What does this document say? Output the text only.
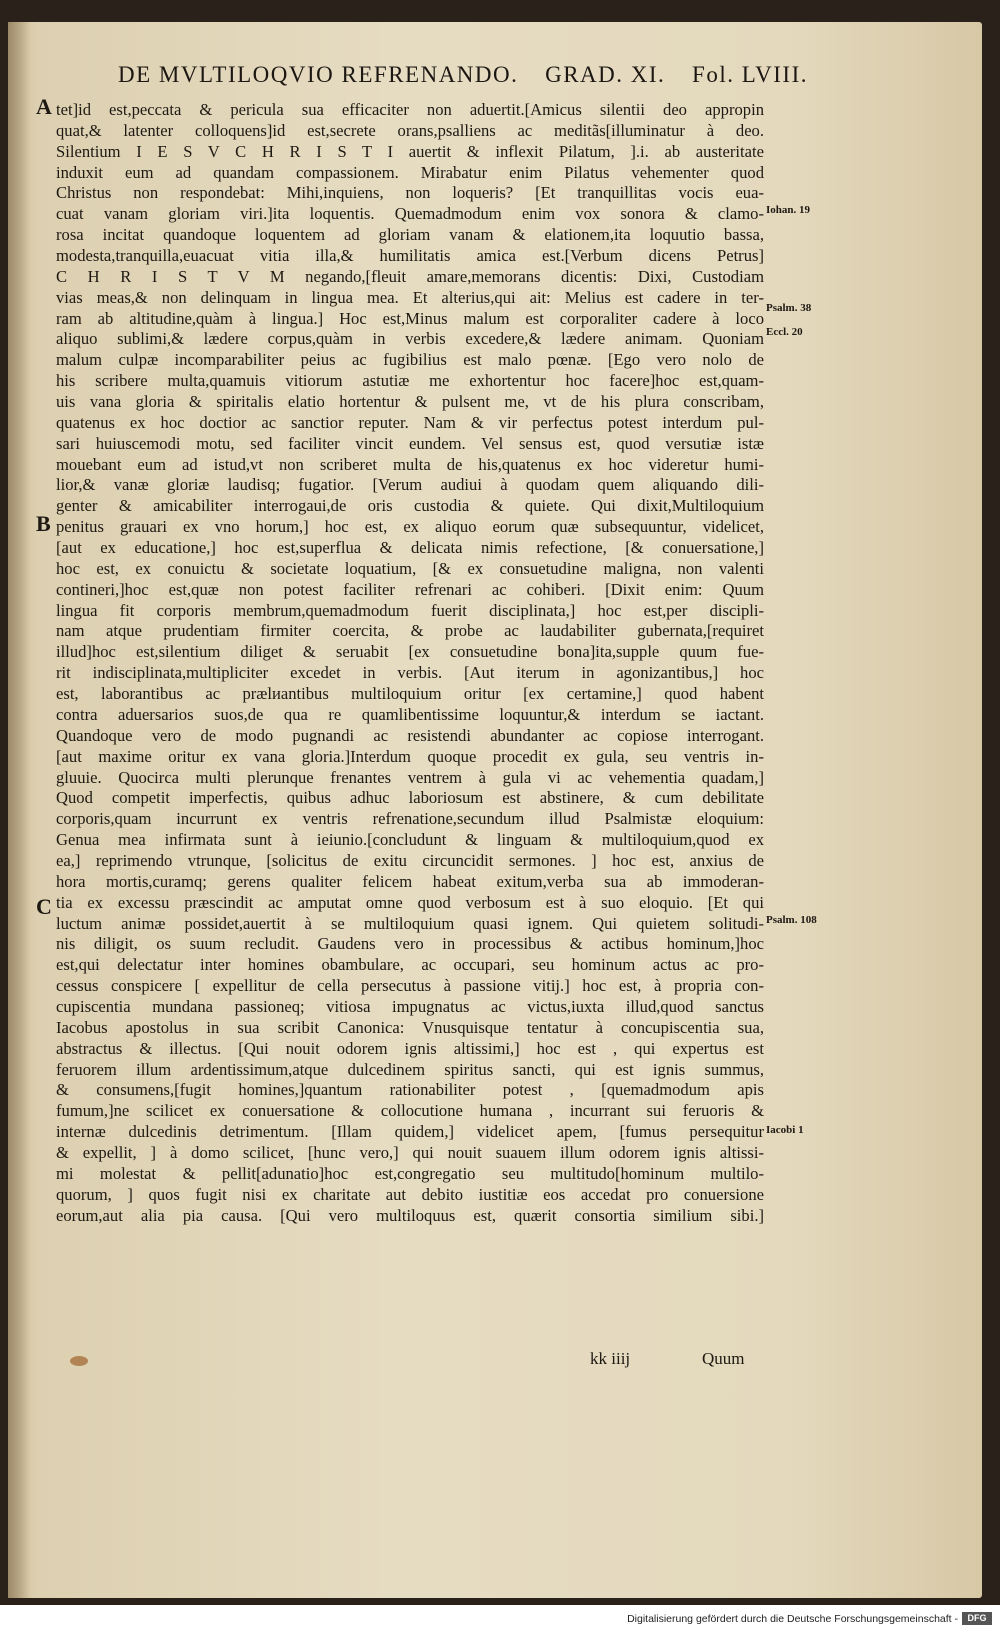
DE MVLTILOQVIO REFRENANDO. GRAD. XI. Fol. LVIII.
A
B
C
Iohan. 19
Psalm. 38
Eccl. 20
Psalm. 108
Iacobi 1
tet]id est,peccata & pericula sua efficaciter non aduertit.[Amicus silentii deo appropin
quat,& latenter colloquens]id est,secrete orans,psalliens ac meditãs[illuminatur à deo.
Silentium I E S V C H R I S T I auertit & inflexit Pilatum, ].i. ab austeritate
induxit eum ad quandam compassionem. Mirabatur enim Pilatus vehementer quod
Christus non respondebat: Mihi,inquiens, non loqueris? [Et tranquillitas vocis eua-
cuat vanam gloriam viri.]ita loquentis. Quemadmodum enim vox sonora & clamo-
rosa incitat quandoque loquentem ad gloriam vanam & elationem,ita loquutio bassa,
modesta,tranquilla,euacuat vitia illa,& humilitatis amica est.[Verbum dicens Petrus]
C H R I S T V M negando,[fleuit amare,memorans dicentis: Dixi, Custodiam
vias meas,& non delinquam in lingua mea. Et alterius,qui ait: Melius est cadere in ter-
ram ab altitudine,quàm à lingua.] Hoc est,Minus malum est corporaliter cadere à loco
aliquo sublimi,& lædere corpus,quàm in verbis excedere,& lædere animam. Quoniam
malum culpæ incomparabiliter peius ac fugibilius est malo pœnæ. [Ego vero nolo de
his scribere multa,quamuis vitiorum astutiæ me exhortentur hoc facere]hoc est,quam-
uis vana gloria & spiritalis elatio hortentur & pulsent me, vt de his plura conscribam,
quatenus ex hoc doctior ac sanctior reputer. Nam & vir perfectus potest interdum pul-
sari huiuscemodi motu, sed faciliter vincit eundem. Vel sensus est, quod versutiæ istæ
mouebant eum ad istud,vt non scriberet multa de his,quatenus ex hoc videretur humi-
lior,& vanæ gloriæ laudisq; fugatior. [Verum audiui à quodam quem aliquando dili-
genter & amicabiliter interrogaui,de oris custodia & quiete. Qui dixit,Multiloquium
penitus grauari ex vno horum,] hoc est, ex aliquo eorum quæ subsequuntur, videlicet,
[aut ex educatione,] hoc est,superflua & delicata nimis refectione, [& conuersatione,]
hoc est, ex conuictu & societate loquatium, [& ex consuetudine maligna, non valenti
contineri,]hoc est,quæ non potest faciliter refrenari ac cohiberi. [Dixit enim: Quum
lingua fit corporis membrum,quemadmodum fuerit disciplinata,] hoc est,per discipli-
nam atque prudentiam firmiter coercita, & probe ac laudabiliter gubernata,[requiret
illud]hoc est,silentium diliget & seruabit [ex consuetudine bona]ita,supple quum fue-
rit indisciplinata,multipliciter excedet in verbis. [Aut iterum in agonizantibus,] hoc
est, laborantibus ac prælиantibus multiloquium oritur [ex certamine,] quod habent
contra aduersarios suos,de qua re quamlibentissime loquuntur,& interdum se iactant.
Quandoque vero de modo pugnandi ac resistendi abundanter ac copiose interrogant.
[aut maxime oritur ex vana gloria.]Interdum quoque procedit ex gula, seu ventris in-
gluuie. Quocirca multi plerunque frenantes ventrem à gula vi ac vehementia quadam,]
Quod competit imperfectis, quibus adhuc laboriosum est abstinere, & cum debilitate
corporis,quam incurrunt ex ventris refrenatione,secundum illud Psalmistæ eloquium:
Genua mea infirmata sunt à ieiunio.[concludunt & linguam & multiloquium,quod ex
ea,] reprimendo vtrunque, [solicitus de exitu circuncidit sermones. ] hoc est, anxius de
hora mortis,curamq; gerens qualiter felicem habeat exitum,verba sua ab immoderan-
tia ex excessu præscindit ac amputat omne quod verbosum est à suo eloquio. [Et qui
luctum animæ possidet,auertit à se multiloquium quasi ignem. Qui quietem solitudi-
nis diligit, os suum recludit. Gaudens vero in processibus & actibus hominum,]hoc
est,qui delectatur inter homines obambulare, ac occupari, seu hominum actus ac pro-
cessus conspicere [ expellitur de cella persecutus à passione vitij.] hoc est, à propria con-
cupiscentia mundana passioneq; vitiosa impugnatus ac victus,iuxta illud,quod sanctus
Iacobus apostolus in sua scribit Canonica: Vnusquisque tentatur à concupiscentia sua,
abstractus & illectus. [Qui nouit odorem ignis altissimi,] hoc est , qui expertus est
feruorem illum ardentissimum,atque dulcedinem spiritus sancti, qui est ignis summus,
& consumens,[fugit homines,]quantum rationabiliter potest , [quemadmodum apis
fumum,]ne scilicet ex conuersatione & collocutione humana , incurrant sui feruoris &
internæ dulcedinis detrimentum. [Illam quidem,] videlicet apem, [fumus persequitur
& expellit, ] à domo scilicet, [hunc vero,] qui nouit suauem illum odorem ignis altissi-
mi molestat & pellit[adunatio]hoc est,congregatio seu multitudo[hominum multilo-
quorum, ] quos fugit nisi ex charitate aut debito iustitiæ eos accedat pro conuersione
eorum,aut alia pia causa. [Qui vero multiloquus est, quærit consortia similium sibi.]
kk iiij	Quum
Digitalisierung gefördert durch die Deutsche Forschungsgemeinschaft -	DFG
